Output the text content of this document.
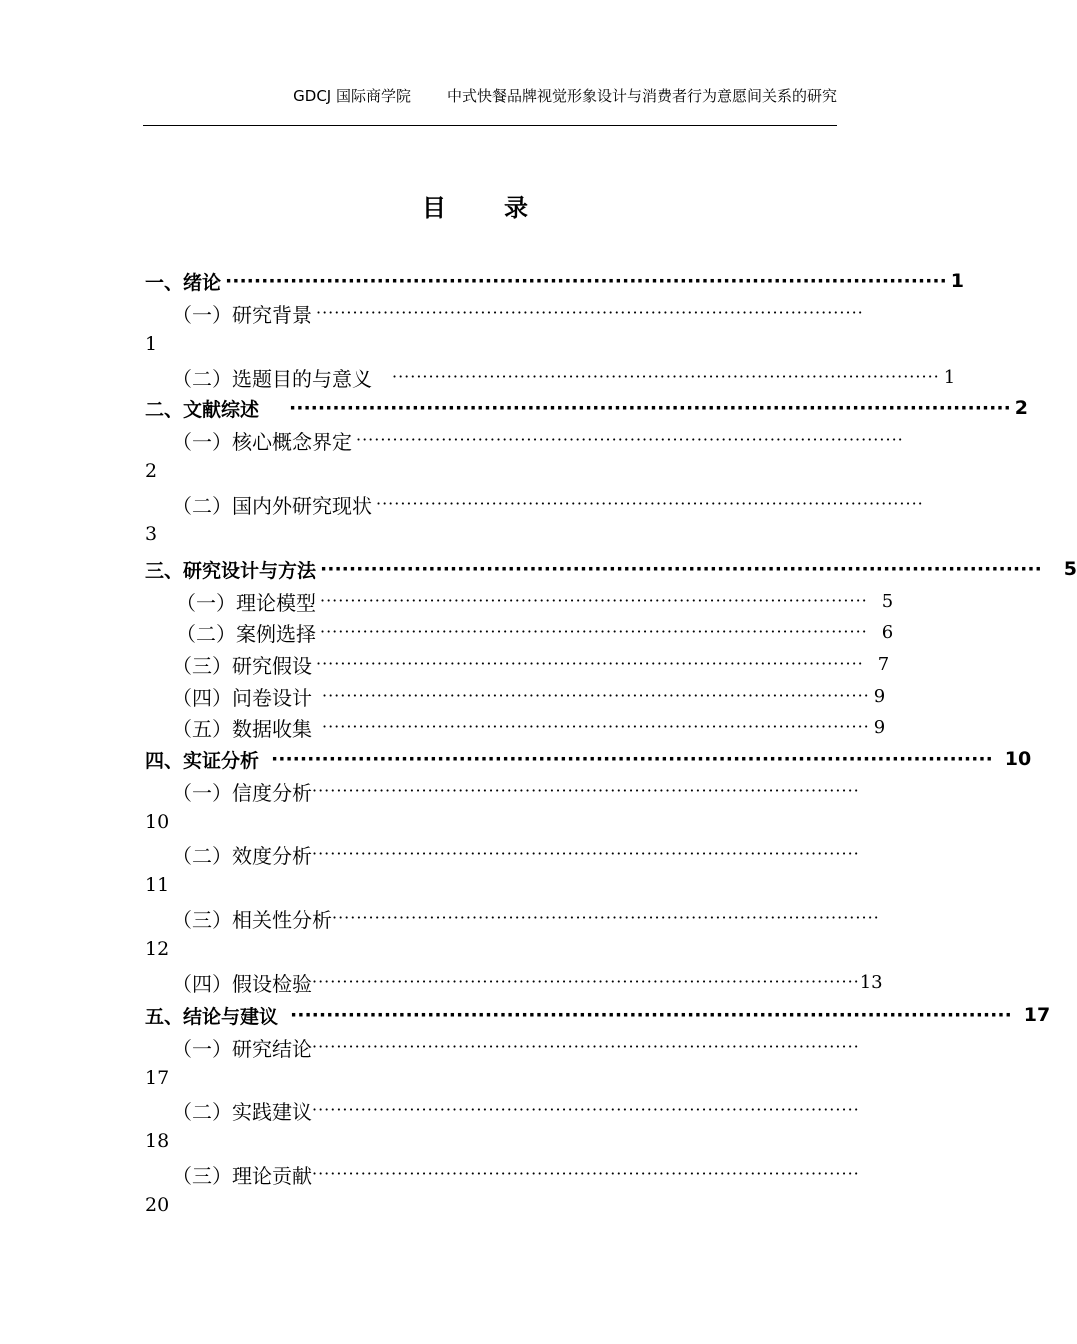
GDCJ 国际商学院 中式快餐品牌视觉形象设计与消费者行为意愿间关系的研究
目录
一、绪论 ···································································································· 1
（一）研究背景 ··························································································
1
（二）选题目的与意义 ·························································································· 1
二、文献综述 ···································································································· 2
（一）核心概念界定 ··························································································
2
（二）国内外研究现状 ··························································································
3
三、研究设计与方法 ···································································································· 5
（一）理论模型 ·························································································· 5
（二）案例选择 ·························································································· 6
（三）研究假设 ·························································································· 7
（四）问卷设计 ·························································································· 9
（五）数据收集 ·························································································· 9
四、实证分析 ···································································································· 10
（一）信度分析 ··························································································
10
（二）效度分析 ··························································································
11
（三）相关性分析 ··························································································
12
（四）假设检验 ·························································································· 13
五、结论与建议 ···································································································· 17
（一）研究结论 ··························································································
17
（二）实践建议 ··························································································
18
（三）理论贡献 ··························································································
20
